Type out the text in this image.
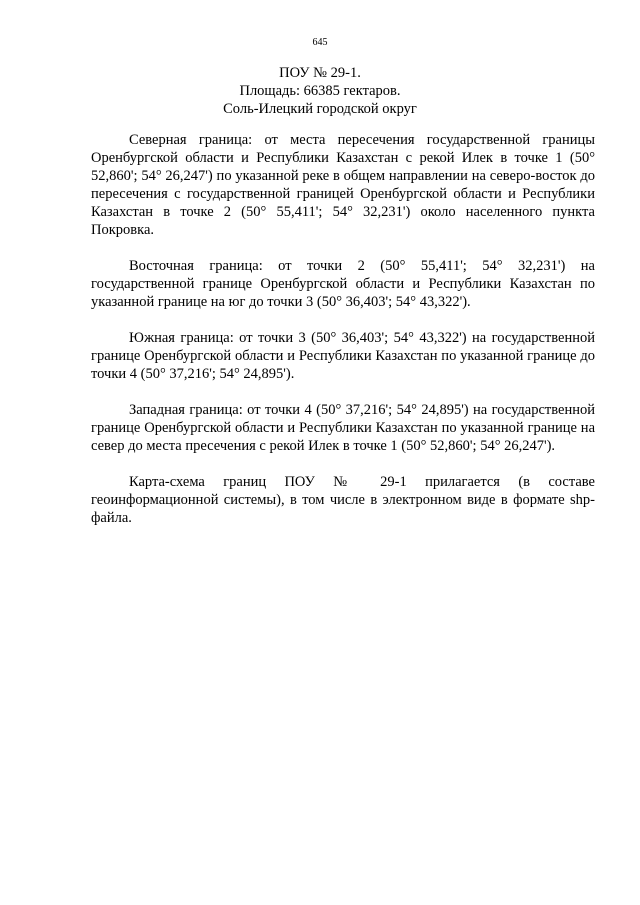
645
ПОУ № 29-1.
Площадь: 66385 гектаров.
Соль-Илецкий городской округ

Северная граница: от места пересечения государственной границы Оренбургской области и Республики Казахстан с рекой Илек в точке 1 (50° 52,860'; 54° 26,247') по указанной реке в общем направлении на северо-восток до пересечения с государственной границей Оренбургской области и Республики Казахстан в точке 2 (50° 55,411'; 54° 32,231') около населенного пункта Покровка.

Восточная граница: от точки 2 (50° 55,411'; 54° 32,231') на государственной границе Оренбургской области и Республики Казахстан по указанной границе на юг до точки 3 (50° 36,403'; 54° 43,322').

Южная граница: от точки 3 (50° 36,403'; 54° 43,322') на государственной границе Оренбургской области и Республики Казахстан по указанной границе до точки 4 (50° 37,216'; 54° 24,895').

Западная граница: от точки 4 (50° 37,216'; 54° 24,895') на государственной границе Оренбургской области и Республики Казахстан по указанной границе на север до места пресечения с рекой Илек в точке 1 (50° 52,860'; 54° 26,247').

Карта-схема границ ПОУ № 29-1 прилагается (в составе геоинформационной системы), в том числе в электронном виде в формате shp-файла.
